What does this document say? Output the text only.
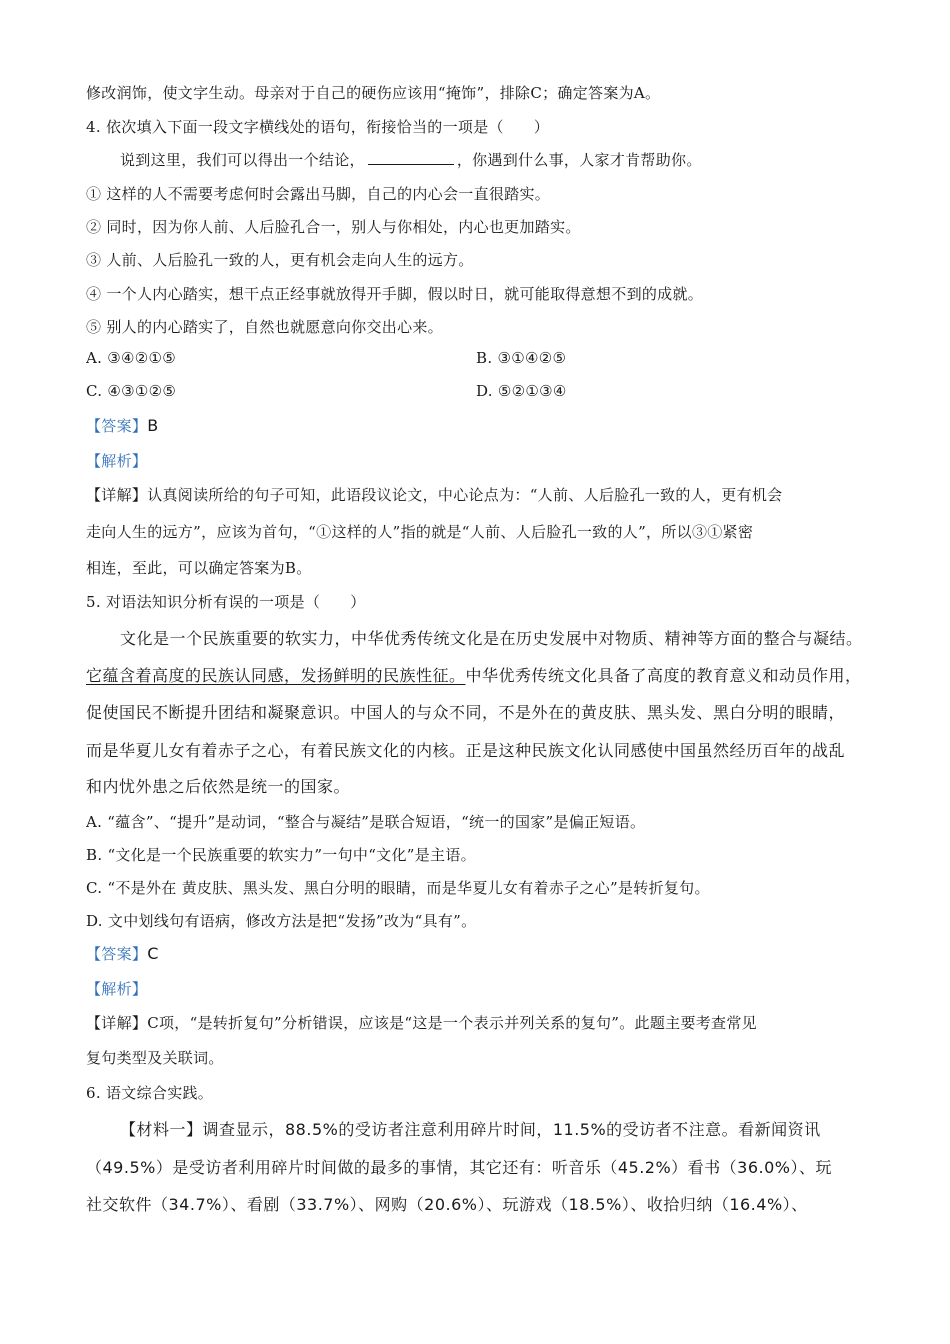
修改润饰，使文字生动。母亲对于自己的硬伤应该用“掩饰”，排除C；确定答案为A。
4. 依次填入下面一段文字横线处的语句，衔接恰当的一项是（ ）
说到这里，我们可以得出一个结论，	，你遇到什么事，人家才肯帮助你。
① 这样的人不需要考虑何时会露出马脚，自己的内心会一直很踏实。
② 同时，因为你人前、人后脸孔合一，别人与你相处，内心也更加踏实。
③ 人前、人后脸孔一致的人，更有机会走向人生的远方。
④ 一个人内心踏实，想干点正经事就放得开手脚，假以时日，就可能取得意想不到的成就。
⑤ 别人的内心踏实了，自然也就愿意向你交出心来。
A. ③④②①⑤	B. ③①④②⑤
C. ④③①②⑤	D. ⑤②①③④
【答案】B
【解析】
【详解】认真阅读所给的句子可知，此语段议论文，中心论点为：“人前、人后脸孔一致的人，更有机会
走向人生的远方”，应该为首句，“①这样的人”指的就是“人前、人后脸孔一致的人”，所以③①紧密
相连，至此，可以确定答案为B。
5. 对语法知识分析有误的一项是（ ）
文化是一个民族重要的软实力，中华优秀传统文化是在历史发展中对物质、精神等方面的整合与凝结。
它蕴含着高度的民族认同感，发扬鲜明的民族性征。中华优秀传统文化具备了高度的教育意义和动员作用，
促使国民不断提升团结和凝聚意识。中国人的与众不同，不是外在的黄皮肤、黑头发、黑白分明的眼睛，
而是华夏儿女有着赤子之心，有着民族文化的内核。正是这种民族文化认同感使中国虽然经历百年的战乱
和内忧外患之后依然是统一的国家。
A. “蕴含”、“提升”是动词，“整合与凝结”是联合短语，“统一的国家”是偏正短语。
B. “文化是一个民族重要的软实力”一句中“文化”是主语。
C. “不是外在 黄皮肤、黑头发、黑白分明的眼睛，而是华夏儿女有着赤子之心”是转折复句。
D. 文中划线句有语病，修改方法是把“发扬”改为“具有”。
【答案】C
【解析】
【详解】C项，“是转折复句”分析错误，应该是“这是一个表示并列关系的复句”。此题主要考查常见
复句类型及关联词。
6. 语文综合实践。
【材料一】调查显示，88.5%的受访者注意利用碎片时间，11.5%的受访者不注意。看新闻资讯
（49.5%）是受访者利用碎片时间做的最多的事情，其它还有：听音乐（45.2%）看书（36.0%）、玩
社交软件（34.7%）、看剧（33.7%）、网购（20.6%）、玩游戏（18.5%）、收拾归纳（16.4%）、
